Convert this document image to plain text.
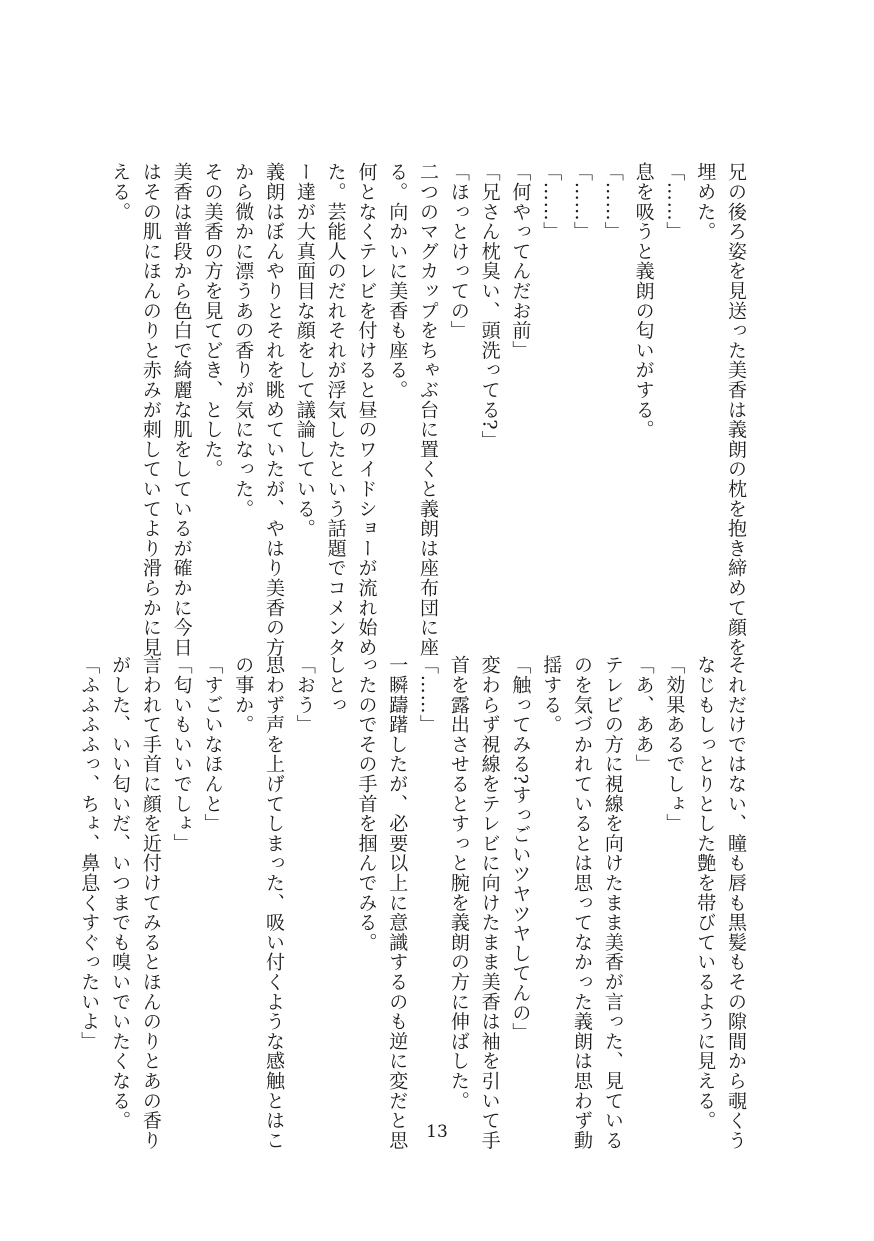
兄の後ろ姿を見送った美香は義朗の枕を抱き締めて顔を
埋めた。
「……」
息を吸うと義朗の匂いがする。
「……」
「……」
「……」
「何やってんだお前」
「兄さん枕臭い、頭洗ってる?」
「ほっとけっての」
二つのマグカップをちゃぶ台に置くと義朗は座布団に座
る。向かいに美香も座る。
何となくテレビを付けると昼のワイドショーが流れ始め
た。芸能人のだれそれが浮気したという話題でコメンタ
ー達が大真面目な顔をして議論している。
義朗はぼんやりとそれを眺めていたが、やはり美香の方
から微かに漂うあの香りが気になった。
その美香の方を見てどき、とした。
美香は普段から色白で綺麗な肌をしているが確かに今日
はその肌にほんのりと赤みが刺していてより滑らかに見
える。
それだけではない、瞳も唇も黒髪もその隙間から覗くう
なじもしっとりとした艶を帯びているように見える。
「効果あるでしょ」
「あ、ああ」
テレビの方に視線を向けたまま美香が言った、見ている
のを気づかれているとは思ってなかった義朗は思わず動
揺する。
「触ってみる?すっごいツヤツヤしてんの」
変わらず視線をテレビに向けたまま美香は袖を引いて手
首を露出させるとすっと腕を義朗の方に伸ばした。
「……」
一瞬躊躇したが、必要以上に意識するのも逆に変だと思
ったのでその手首を掴んでみる。
しとっ
「おう」
思わず声を上げてしまった、吸い付くような感触とはこ
の事か。
「すごいなほんと」
「匂いもいいでしょ」
言われて手首に顔を近付けてみるとほんのりとあの香り
がした、いい匂いだ、いつまでも嗅いでいたくなる。
「ふふふふっ、ちょ、鼻息くすぐったいよ」
13
